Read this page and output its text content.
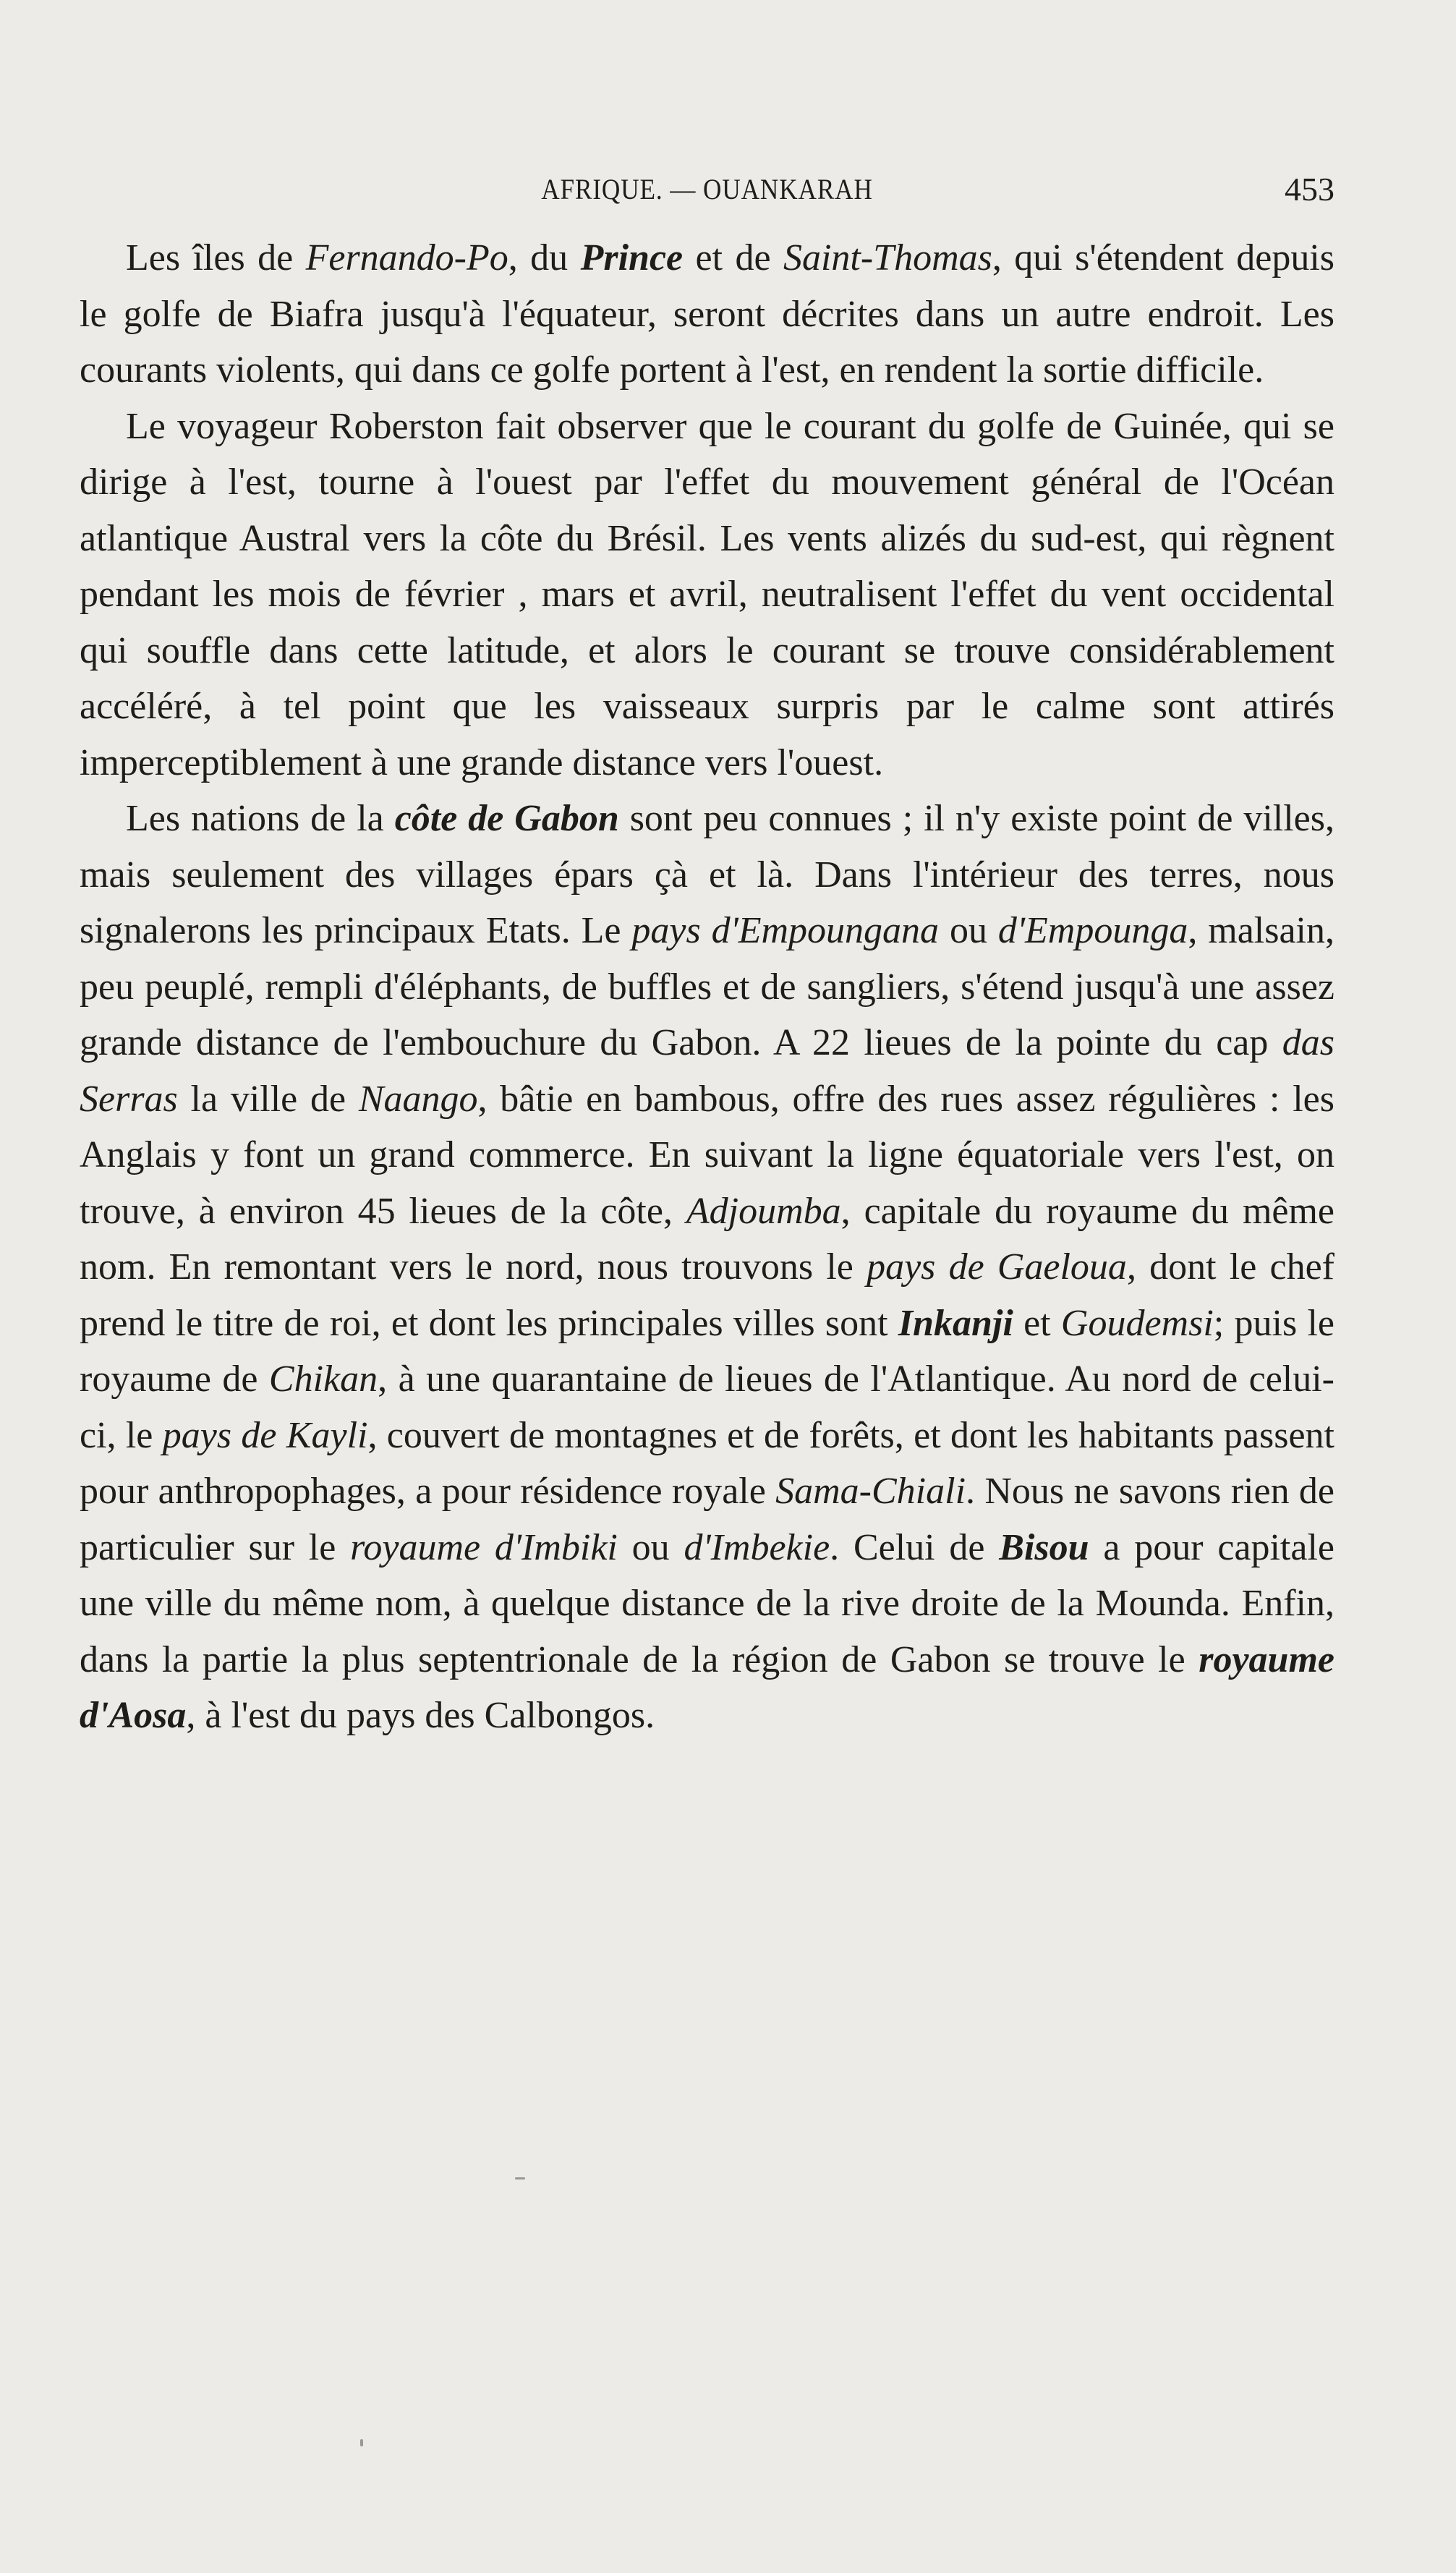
AFRIQUE. — OUANKARAH	453

Les îles de Fernando-Po, du Prince et de Saint-Thomas, qui s'étendent depuis le golfe de Biafra jusqu'à l'équateur, seront décrites dans un autre endroit. Les courants violents, qui dans ce golfe portent à l'est, en rendent la sortie difficile.

Le voyageur Roberston fait observer que le courant du golfe de Guinée, qui se dirige à l'est, tourne à l'ouest par l'effet du mouvement général de l'Océan atlantique Austral vers la côte du Brésil. Les vents alizés du sud-est, qui règnent pendant les mois de février , mars et avril, neutralisent l'effet du vent occidental qui souffle dans cette latitude, et alors le courant se trouve considérablement accéléré, à tel point que les vaisseaux surpris par le calme sont attirés imperceptiblement à une grande distance vers l'ouest.

Les nations de la côte de Gabon sont peu connues ; il n'y existe point de villes, mais seulement des villages épars çà et là. Dans l'intérieur des terres, nous signalerons les principaux Etats. Le pays d'Empoungana ou d'Empounga, malsain, peu peuplé, rempli d'éléphants, de buffles et de sangliers, s'étend jusqu'à une assez grande distance de l'embouchure du Gabon. A 22 lieues de la pointe du cap das Serras la ville de Naango, bâtie en bambous, offre des rues assez régulières : les Anglais y font un grand commerce. En suivant la ligne équatoriale vers l'est, on trouve, à environ 45 lieues de la côte, Adjoumba, capitale du royaume du même nom. En remontant vers le nord, nous trouvons le pays de Gaeloua, dont le chef prend le titre de roi, et dont les principales villes sont Inkanji et Goudemsi; puis le royaume de Chikan, à une quarantaine de lieues de l'Atlantique. Au nord de celui-ci, le pays de Kayli, couvert de montagnes et de forêts, et dont les habitants passent pour anthropophages, a pour résidence royale Sama-Chiali. Nous ne savons rien de particulier sur le royaume d'Imbiki ou d'Imbekie. Celui de Bisou a pour capitale une ville du même nom, à quelque distance de la rive droite de la Mounda. Enfin, dans la partie la plus septentrionale de la région de Gabon se trouve le royaume d'Aosa, à l'est du pays des Calbongos.
